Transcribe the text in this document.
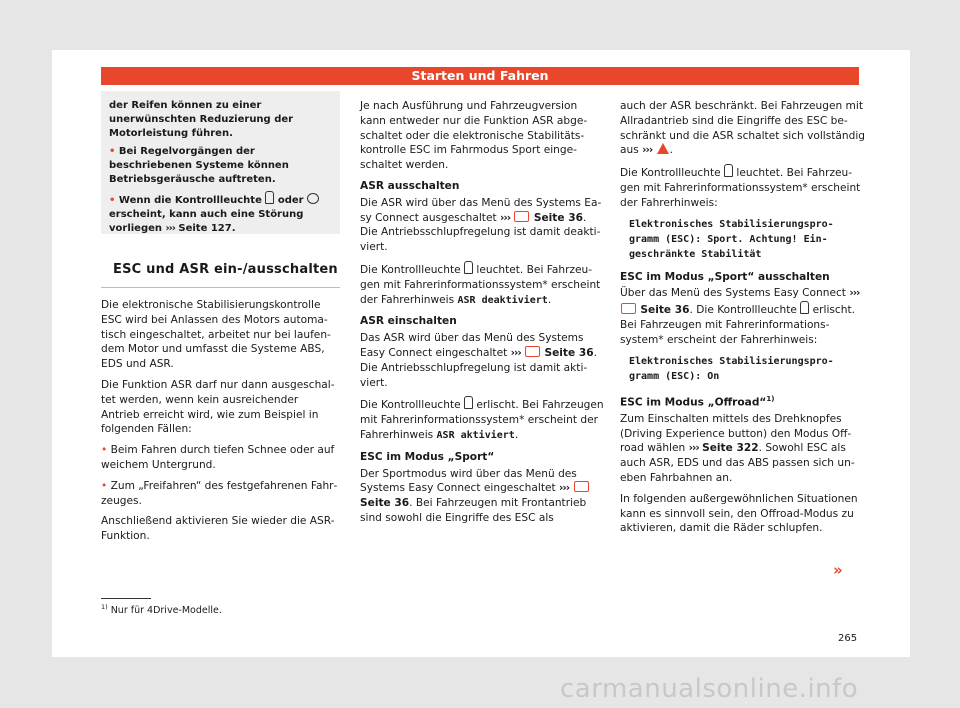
Starten und Fahren

der Reifen können zu einer unerwünschten Reduzierung der Motorleistung führen.

• Bei Regelvorgängen der beschriebenen Systeme können Betriebsgeräusche auftreten.

• Wenn die Kontrollleuchte oder  erscheint, kann auch eine Störung vorliegen ››› Seite 127.

ESC und ASR ein-/ausschalten

Die elektronische Stabilisierungskontrolle ESC wird bei Anlassen des Motors automatisch eingeschaltet, arbeitet nur bei laufendem Motor und umfasst die Systeme ABS, EDS und ASR.

Die Funktion ASR darf nur dann ausgeschaltet werden, wenn kein ausreichender Antrieb erreicht wird, wie zum Beispiel in folgenden Fällen:

• Beim Fahren durch tiefen Schnee oder auf weichem Untergrund.

• Zum „Freifahren“ des festgefahrenen Fahrzeuges.

Anschließend aktivieren Sie wieder die ASR-Funktion.

Je nach Ausführung und Fahrzeugversion kann entweder nur die Funktion ASR abgeschaltet oder die elektronische Stabilitätskontrolle ESC im Fahrmodus Sport eingeschaltet werden.

ASR ausschalten

Die ASR wird über das Menü des Systems Easy Connect ausgeschaltet ››› Seite 36. Die Antriebsschlupfregelung ist damit deaktiviert.

Die Kontrollleuchte leuchtet. Bei Fahrzeugen mit Fahrerinformationssystem* erscheint der Fahrerhinweis ASR deaktiviert.

ASR einschalten

Das ASR wird über das Menü des Systems Easy Connect eingeschaltet ››› Seite 36. Die Antriebsschlupfregelung ist damit aktiviert.

Die Kontrollleuchte erlischt. Bei Fahrzeugen mit Fahrerinformationssystem* erscheint der Fahrerhinweis ASR aktiviert.

ESC im Modus „Sport“

Der Sportmodus wird über das Menü des Systems Easy Connect eingeschaltet ›››  Seite 36. Bei Fahrzeugen mit Frontantrieb sind sowohl die Eingriffe des ESC als

auch der ASR beschränkt. Bei Fahrzeugen mit Allradantrieb sind die Eingriffe des ESC beschränkt und die ASR schaltet sich vollständig aus ››› .

Die Kontrollleuchte leuchtet. Bei Fahrzeugen mit Fahrerinformationssystem* erscheint der Fahrerhinweis:

Elektronisches Stabilisierungspro-
gramm (ESC): Sport. Achtung! Ein-
geschränkte Stabilität

ESC im Modus „Sport“ ausschalten

Über das Menü des Systems Easy Connect ›››  Seite 36. Die Kontrollleuchte erlischt. Bei Fahrzeugen mit Fahrerinformationssystem* erscheint der Fahrerhinweis:

Elektronisches Stabilisierungspro-
gramm (ESC): On

ESC im Modus „Offroad“$^{1)}$

Zum Einschalten mittels des Drehknopfes (Driving Experience button) den Modus Offroad wählen ››› Seite 322. Sowohl ESC als auch ASR, EDS und das ABS passen sich uneben Fahrbahnen an.

In folgenden außergewöhnlichen Situationen kann es sinnvoll sein, den Offroad-Modus zu aktivieren, damit die Räder schlupfen.

»
$^{1)}$ Nur für 4Drive-Modelle.
265
carmanualsonline.info
